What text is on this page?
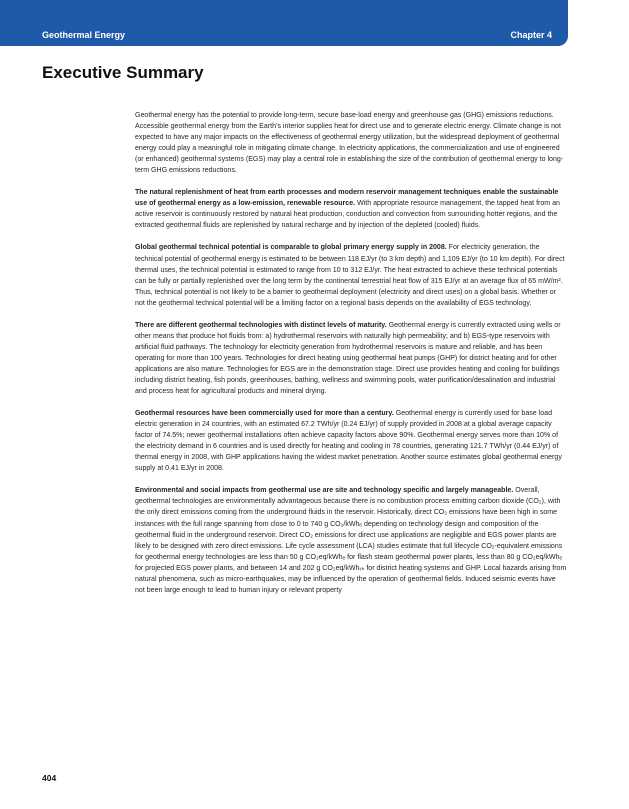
Geothermal Energy	Chapter 4
Executive Summary

Geothermal energy has the potential to provide long-term, secure base-load energy and greenhouse gas (GHG) emissions reductions. Accessible geothermal energy from the Earth’s interior supplies heat for direct use and to generate electric energy. Climate change is not expected to have any major impacts on the effectiveness of geothermal energy utilization, but the widespread deployment of geothermal energy could play a meaningful role in mitigating climate change. In electricity applications, the commercialization and use of engineered (or enhanced) geothermal systems (EGS) may play a central role in establishing the size of the contribution of geothermal energy to long-term GHG emissions reductions.

The natural replenishment of heat from earth processes and modern reservoir management techniques enable the sustainable use of geothermal energy as a low-emission, renewable resource. With appropriate resource management, the tapped heat from an active reservoir is continuously restored by natural heat production, conduction and convection from surrounding hotter regions, and the extracted geothermal fluids are replenished by natural recharge and by injection of the depleted (cooled) fluids.

Global geothermal technical potential is comparable to global primary energy supply in 2008. For electricity generation, the technical potential of geothermal energy is estimated to be between 118 EJ/yr (to 3 km depth) and 1,109 EJ/yr (to 10 km depth). For direct thermal uses, the technical potential is estimated to range from 10 to 312 EJ/yr. The heat extracted to achieve these technical potentials can be fully or partially replenished over the long term by the continental terrestrial heat flow of 315 EJ/yr at an average flux of 65 mW/m². Thus, technical potential is not likely to be a barrier to geothermal deployment (electricity and direct uses) on a global basis. Whether or not the geothermal technical potential will be a limiting factor on a regional basis depends on the availability of EGS technology.

There are different geothermal technologies with distinct levels of maturity. Geothermal energy is currently extracted using wells or other means that produce hot fluids from: a) hydrothermal reservoirs with naturally high permeability; and b) EGS-type reservoirs with artificial fluid pathways. The technology for electricity generation from hydrothermal reservoirs is mature and reliable, and has been operating for more than 100 years. Technologies for direct heating using geothermal heat pumps (GHP) for district heating and for other applications are also mature. Technologies for EGS are in the demonstration stage. Direct use provides heating and cooling for buildings including district heating, fish ponds, greenhouses, bathing, wellness and swimming pools, water purification/desalination and industrial and process heat for agricultural products and mineral drying.

Geothermal resources have been commercially used for more than a century. Geothermal energy is currently used for base load electric generation in 24 countries, with an estimated 67.2 TWh/yr (0.24 EJ/yr) of supply provided in 2008 at a global average capacity factor of 74.5%; newer geothermal installations often achieve capacity factors above 90%. Geothermal energy serves more than 10% of the electricity demand in 6 countries and is used directly for heating and cooling in 78 countries, generating 121.7 TWh/yr (0.44 EJ/yr) of thermal energy in 2008, with GHP applications having the widest market penetration. Another source estimates global geothermal energy supply at 0.41 EJ/yr in 2008.

Environmental and social impacts from geothermal use are site and technology specific and largely manageable. Overall, geothermal technologies are environmentally advantageous because there is no combustion process emitting carbon dioxide (CO₂), with the only direct emissions coming from the underground fluids in the reservoir. Historically, direct CO₂ emissions have been high in some instances with the full range spanning from close to 0 to 740 g CO₂/kWhₑ depending on technology design and composition of the geothermal fluid in the underground reservoir. Direct CO₂ emissions for direct use applications are negligible and EGS power plants are likely to be designed with zero direct emissions. Life cycle assessment (LCA) studies estimate that full lifecycle CO₂-equivalent emissions for geothermal energy technologies are less than 50 g CO₂eq/kWhₑ for flash steam geothermal power plants, less than 80 g CO₂eq/kWhₑ for projected EGS power plants, and between 14 and 202 g CO₂eq/kWhₜₕ for district heating systems and GHP. Local hazards arising from natural phenomena, such as micro-earthquakes, may be influenced by the operation of geothermal fields. Induced seismic events have not been large enough to lead to human injury or relevant property

404
